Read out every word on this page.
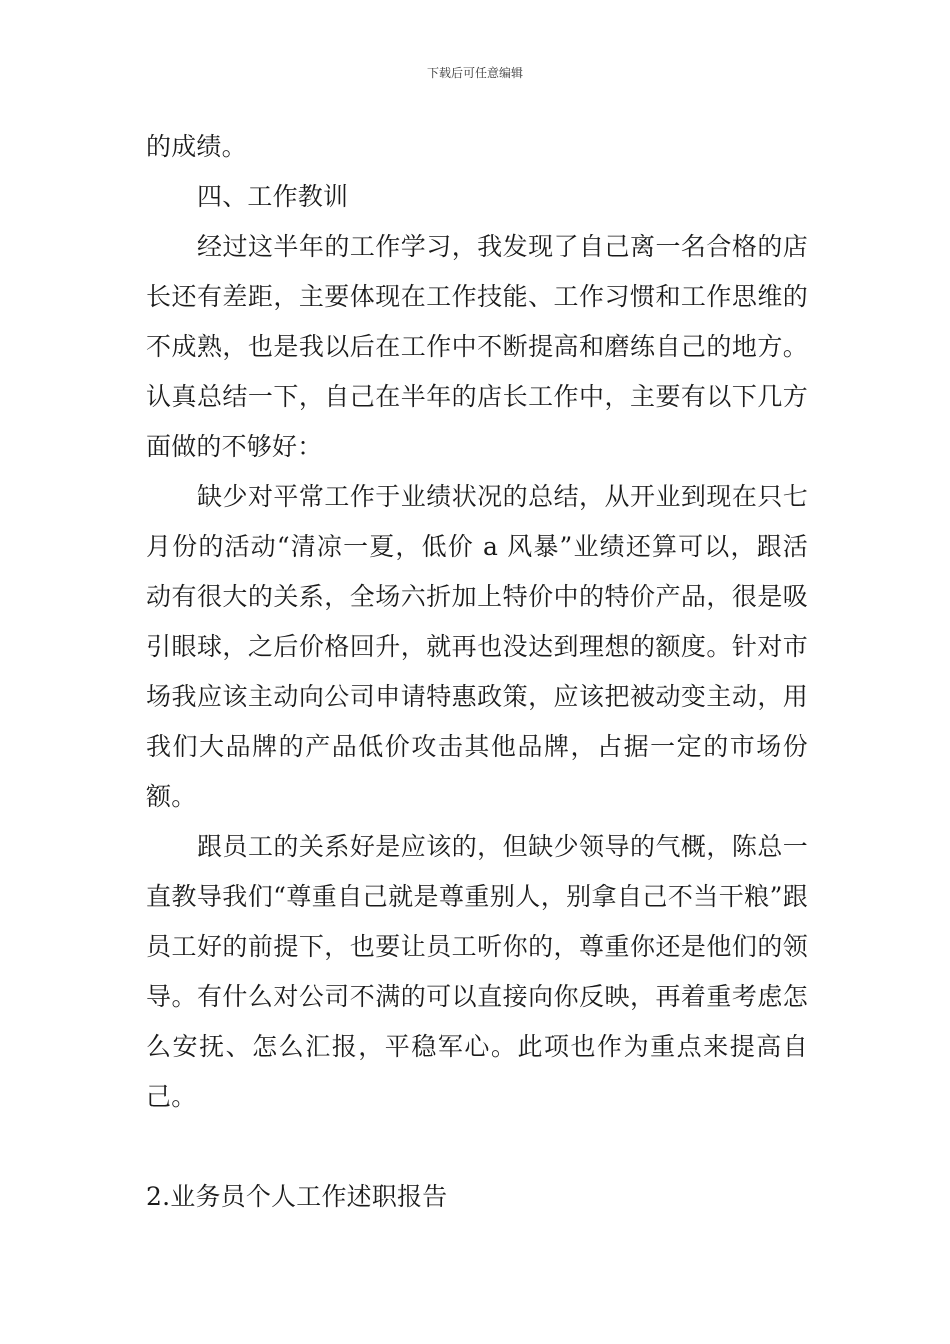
下载后可任意编辑

的成绩。

四、工作教训

经过这半年的工作学习，我发现了自己离一名合格的店长还有差距，主要体现在工作技能、工作习惯和工作思维的不成熟，也是我以后在工作中不断提高和磨练自己的地方。认真总结一下，自己在半年的店长工作中，主要有以下几方面做的不够好：

缺少对平常工作于业绩状况的总结，从开业到现在只七月份的活动“清凉一夏，低价 a 风暴”业绩还算可以，跟活动有很大的关系，全场六折加上特价中的特价产品，很是吸引眼球，之后价格回升，就再也没达到理想的额度。针对市场我应该主动向公司申请特惠政策，应该把被动变主动，用我们大品牌的产品低价攻击其他品牌，占据一定的市场份额。

跟员工的关系好是应该的，但缺少领导的气概，陈总一直教导我们“尊重自己就是尊重别人，别拿自己不当干粮”跟员工好的前提下，也要让员工听你的，尊重你还是他们的领导。有什么对公司不满的可以直接向你反映，再着重考虑怎么安抚、怎么汇报，平稳军心。此项也作为重点来提高自己。

2.业务员个人工作述职报告
